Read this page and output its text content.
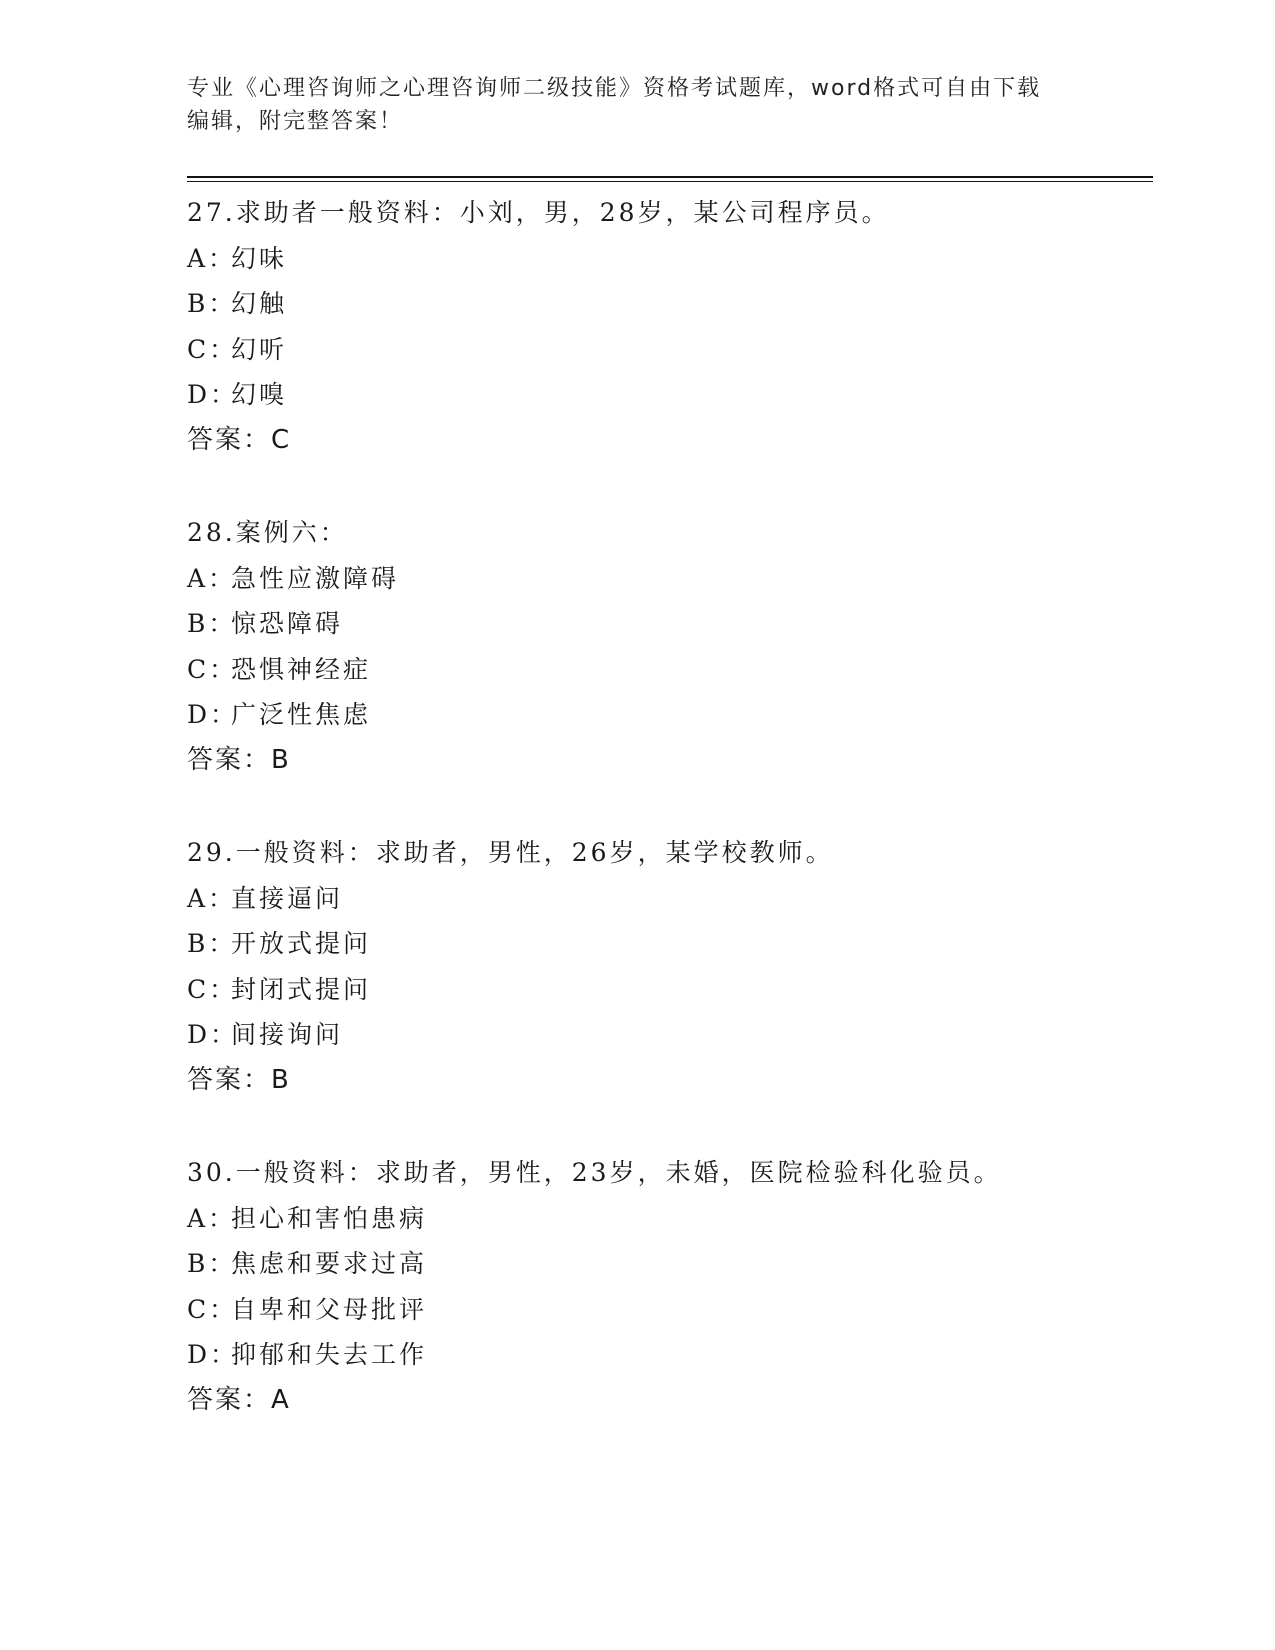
专业《心理咨询师之心理咨询师二级技能》资格考试题库，word格式可自由下载

编辑，附完整答案！

27.求助者一般资料：小刘，男，28岁，某公司程序员。

A：幻味

B：幻触

C：幻听

D：幻嗅

答案：C

28.案例六：

A：急性应激障碍

B：惊恐障碍

C：恐惧神经症

D：广泛性焦虑

答案：B

29.一般资料：求助者，男性，26岁，某学校教师。

A：直接逼问

B：开放式提问

C：封闭式提问

D：间接询问

答案：B

30.一般资料：求助者，男性，23岁，未婚，医院检验科化验员。

A：担心和害怕患病

B：焦虑和要求过高

C：自卑和父母批评

D：抑郁和失去工作

答案：A
